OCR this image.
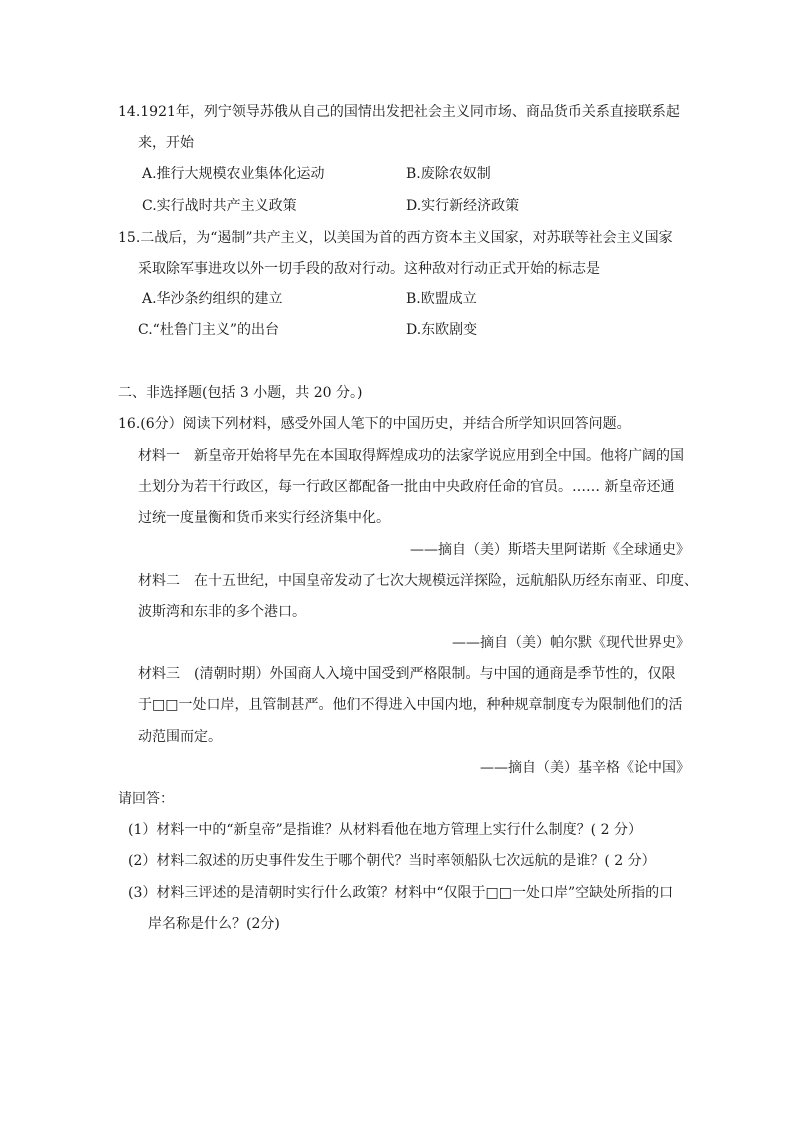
14.1921年，列宁领导苏俄从自己的国情出发把社会主义同市场、商品货币关系直接联系起
来，开始
A.推行大规模农业集体化运动	B.废除农奴制
C.实行战时共产主义政策	D.实行新经济政策
15.二战后，为“遏制”共产主义，以美国为首的西方资本主义国家，对苏联等社会主义国家
采取除军事进攻以外一切手段的敌对行动。这种敌对行动正式开始的标志是
A.华沙条约组织的建立	B.欧盟成立
C.“杜鲁门主义”的出台	D.东欧剧变
二、非选择题(包括 3 小题，共 20 分。)
16.(6分）阅读下列材料，感受外国人笔下的中国历史，并结合所学知识回答问题。
材料一　新皇帝开始将早先在本国取得辉煌成功的法家学说应用到全中国。他将广阔的国
土划分为若干行政区，每一行政区都配备一批由中央政府任命的官员。…… 新皇帝还通
过统一度量衡和货币来实行经济集中化。
——摘自（美）斯塔夫里阿诺斯《全球通史》
材料二　在十五世纪，中国皇帝发动了七次大规模远洋探险，远航船队历经东南亚、印度、
波斯湾和东非的多个港口。
——摘自（美）帕尔默《现代世界史》
材料三　(清朝时期）外国商人入境中国受到严格限制。与中国的通商是季节性的，仅限
于□□一处口岸，且管制甚严。他们不得进入中国内地，种种规章制度专为限制他们的活
动范围而定。
——摘自（美）基辛格《论中国》
请回答：
(1）材料一中的“新皇帝”是指谁？从材料看他在地方管理上实行什么制度？( 2 分）
(2）材料二叙述的历史事件发生于哪个朝代？当时率领船队七次远航的是谁？( 2 分）
(3）材料三评述的是清朝时实行什么政策？材料中“仅限于□□一处口岸”空缺处所指的口
岸名称是什么？(2分)
